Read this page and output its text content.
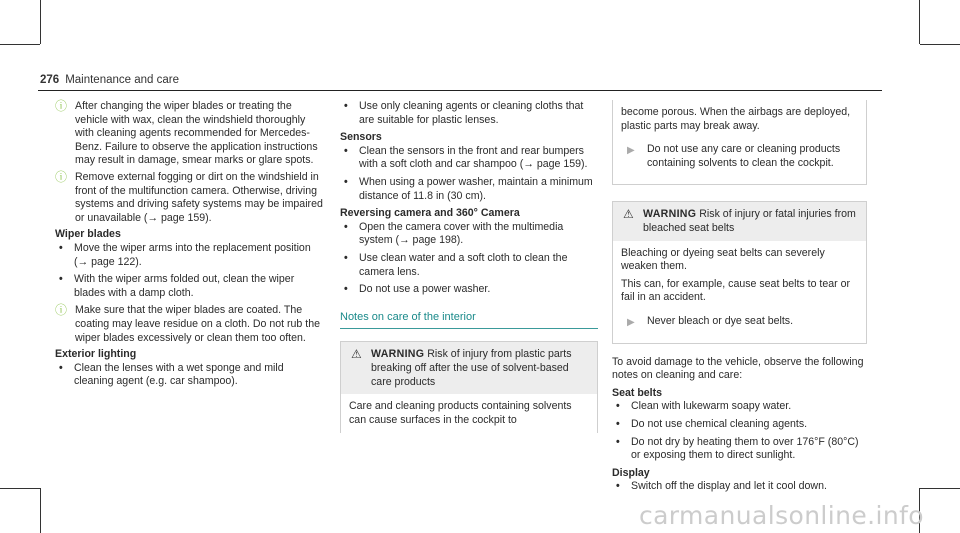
276 Maintenance and care
ⓘ After changing the wiper blades or treating the vehicle with wax, clean the windshield thoroughly with cleaning agents recommended for Mercedes-Benz. Failure to observe the application instructions may result in damage, smear marks or glare spots.
ⓘ Remove external fogging or dirt on the windshield in front of the multifunction camera. Otherwise, driving systems and driving safety systems may be impaired or unavailable (→ page 159).
Wiper blades
• Move the wiper arms into the replacement position (→ page 122).
• With the wiper arms folded out, clean the wiper blades with a damp cloth.
ⓘ Make sure that the wiper blades are coated. The coating may leave residue on a cloth. Do not rub the wiper blades excessively or clean them too often.
Exterior lighting
• Clean the lenses with a wet sponge and mild cleaning agent (e.g. car shampoo).
• Use only cleaning agents or cleaning cloths that are suitable for plastic lenses.
Sensors
• Clean the sensors in the front and rear bumpers with a soft cloth and car shampoo (→ page 159).
• When using a power washer, maintain a minimum distance of 11.8 in (30 cm).
Reversing camera and 360° Camera
• Open the camera cover with the multimedia system (→ page 198).
• Use clean water and a soft cloth to clean the camera lens.
• Do not use a power washer.
Notes on care of the interior
⚠ WARNING Risk of injury from plastic parts breaking off after the use of solvent-based care products
Care and cleaning products containing solvents can cause surfaces in the cockpit to

become porous. When the airbags are deployed, plastic parts may break away.

▶ Do not use any care or cleaning products containing solvents to clean the cockpit.
⚠ WARNING Risk of injury or fatal injuries from bleached seat belts

Bleaching or dyeing seat belts can severely weaken them.

This can, for example, cause seat belts to tear or fail in an accident.

▶ Never bleach or dye seat belts.

To avoid damage to the vehicle, observe the following notes on cleaning and care:

Seat belts
• Clean with lukewarm soapy water.
• Do not use chemical cleaning agents.
• Do not dry by heating them to over 176°F (80°C) or exposing them to direct sunlight.
Display
• Switch off the display and let it cool down.
carmanualsonline.info
